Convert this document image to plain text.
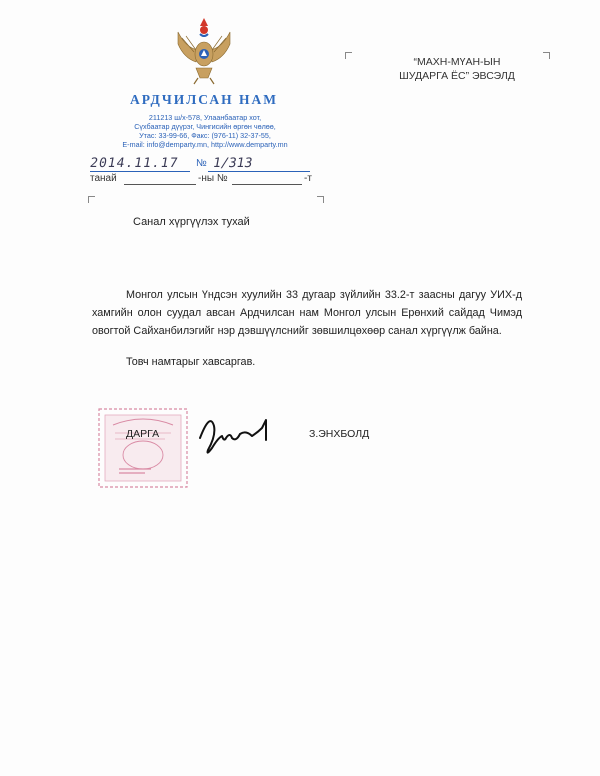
АРДЧИЛСАН НАМ
211213 ш/х-578, Улаанбаатар хот,
Сүхбаатар дүүрэг, Чингисийн өргөн чөлөө,
Утас: 33-99-66, Факс: (976-11) 32-37-55,
E-mail: info@demparty.mn, http://www.demparty.mn
“МАХН-МҮАН-ЫН
ШУДАРГА ЁС” ЭВСЭЛД
2014.11.17 № 1/313
танай	-ны №	-т
Санал хүргүүлэх тухай
Монгол улсын Үндсэн хуулийн 33 дугаар зүйлийн 33.2-т заасны дагуу УИХ-д хамгийн олон суудал авсан Ардчилсан нам Монгол улсын Ерөнхий сайдад Чимэд овогтой Сайханбилэгийг нэр дэвшүүлснийг зөвшилцөхөөр санал хүргүүлж байна.
Товч намтарыг хавсаргав.
ДАРГА	З.ЭНХБОЛД
